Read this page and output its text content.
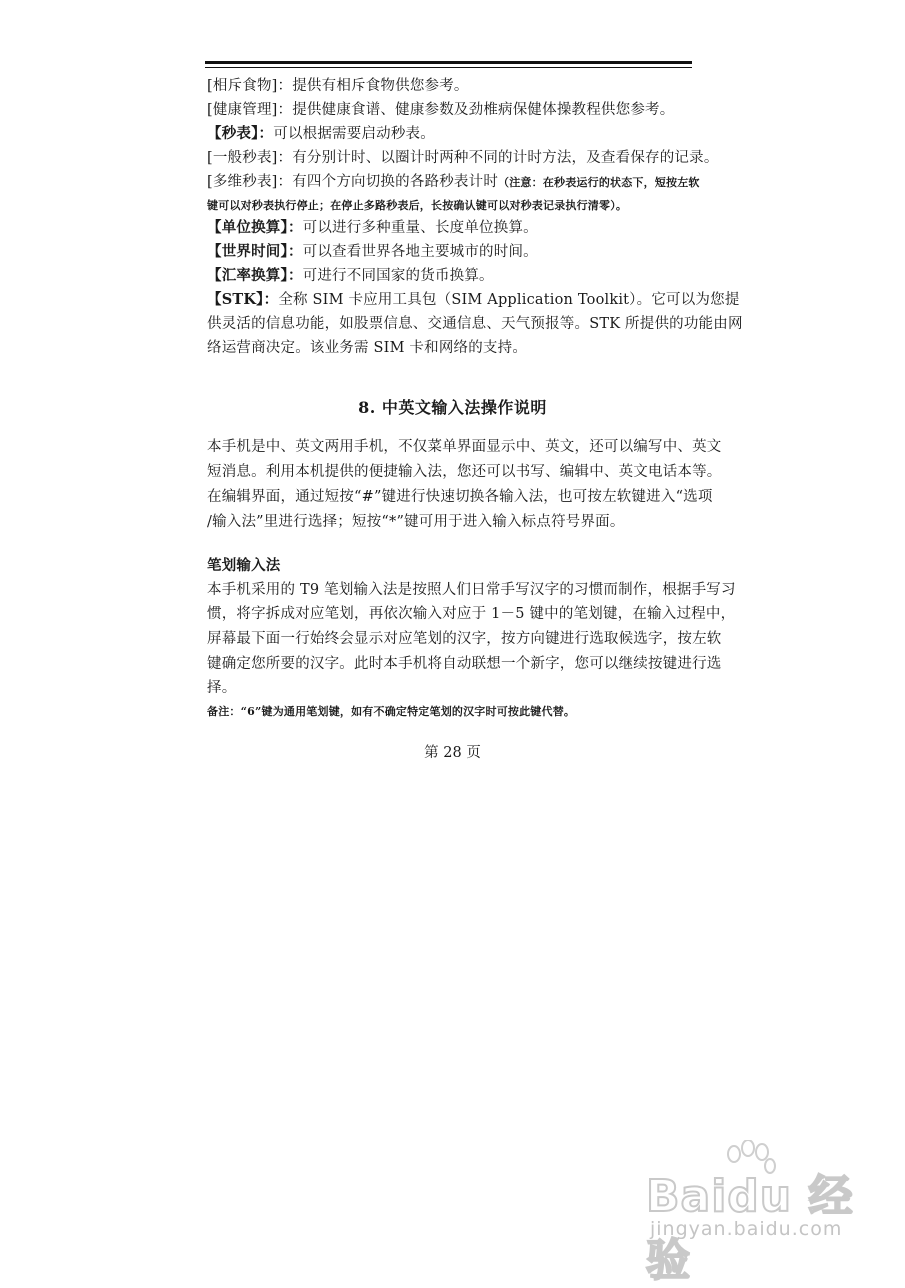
[相斥食物]：提供有相斥食物供您参考。
[健康管理]：提供健康食谱、健康参数及劲椎病保健体操教程供您参考。
【秒表】：可以根据需要启动秒表。
[一般秒表]：有分别计时、以圈计时两种不同的计时方法，及查看保存的记录。
[多维秒表]：有四个方向切换的各路秒表计时（注意：在秒表运行的状态下，短按左软
键可以对秒表执行停止；在停止多路秒表后，长按确认键可以对秒表记录执行清零）。
【单位换算】：可以进行多种重量、长度单位换算。
【世界时间】：可以查看世界各地主要城市的时间。
【汇率换算】：可进行不同国家的货币换算。
【STK】：全称 SIM 卡应用工具包（SIM Application Toolkit）。它可以为您提
供灵活的信息功能，如股票信息、交通信息、天气预报等。STK 所提供的功能由网
络运营商决定。该业务需 SIM 卡和网络的支持。
8. 中英文输入法操作说明
本手机是中、英文两用手机，不仅菜单界面显示中、英文，还可以编写中、英文
短消息。利用本机提供的便捷输入法，您还可以书写、编辑中、英文电话本等。
在编辑界面，通过短按“#”键进行快速切换各输入法，也可按左软键进入“选项
/输入法”里进行选择；短按“*”键可用于进入输入标点符号界面。
笔划输入法
本手机采用的 T9 笔划输入法是按照人们日常手写汉字的习惯而制作，根据手写习
惯，将字拆成对应笔划，再依次输入对应于 1－5 键中的笔划键，在输入过程中，
屏幕最下面一行始终会显示对应笔划的汉字，按方向键进行选取候选字，按左软
键确定您所要的汉字。此时本手机将自动联想一个新字，您可以继续按键进行选
择。
备注：“6”键为通用笔划键，如有不确定特定笔划的汉字时可按此键代替。
第 28 页
Baidu 经验
jingyan.baidu.com
